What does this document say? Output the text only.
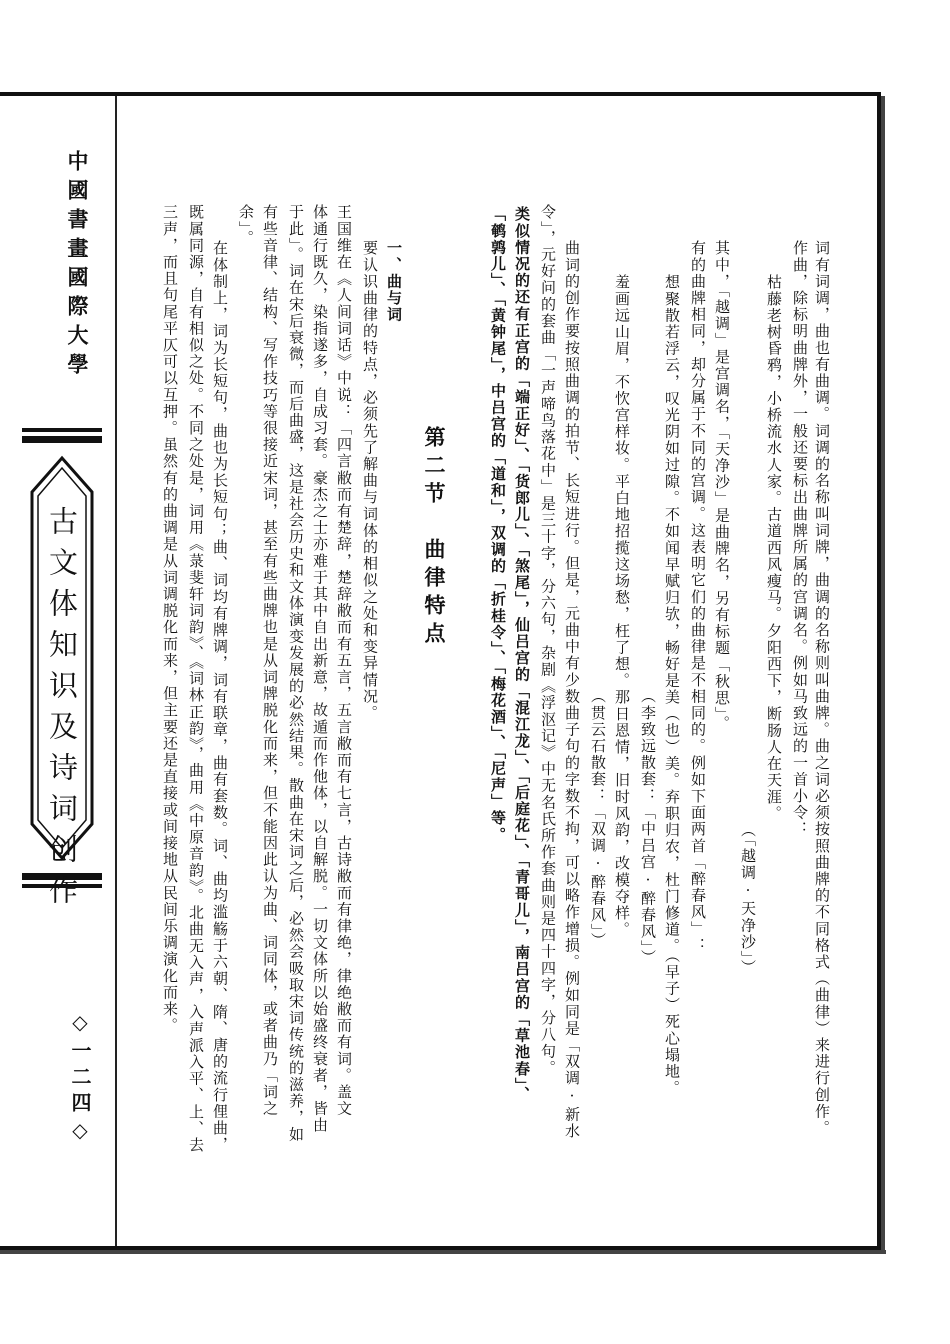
中國書畫國際大學
古文体知识及诗词创作
◇一二四◇	词有词调，曲也有曲调。词调的名称叫词牌，曲调的名称则叫曲牌。曲之词必须按照曲牌的不同格式（曲律）来进行创作。
作曲，除标明曲牌外，一般还要标出曲牌所属的宫调名。例如马致远的一首小令：
枯藤老树昏鸦，小桥流水人家。古道西风瘦马。夕阳西下，断肠人在天涯。
（「越调·天净沙」）
其中，「越调」是宫调名，「天净沙」是曲牌名，另有标题「秋思」。
有的曲牌相同，却分属于不同的宫调。这表明它们的曲律是不相同的。例如下面两首「醉春风」：
想聚散若浮云，叹光阴如过隙。不如闻早赋归欤，畅好是美（也）美。弃职归农，杜门修道。（早子）死心塌地。
（李致远散套：「中吕宫·醉春风」）
羞画远山眉，不忺宫样妆。平白地招揽这场愁，枉了想。那日恩情，旧时风韵，改模夺样。
（贯云石散套：「双调·醉春风」）
曲词的创作要按照曲调的拍节、长短进行。但是，元曲中有少数曲子句的字数不拘，可以略作增损。例如同是「双调·新水
令」，元好问的套曲「一声啼鸟落花中」是三十字，分六句，杂剧《浮沤记》中无名氏所作套曲则是四十四字，分八句。
类似情况的还有正宫的「端正好」、「货郎儿」、「煞尾」，仙吕宫的「混江龙」、「后庭花」、「青哥儿」，南吕宫的「草池春」、
「鹌鹑儿」、「黄钟尾」，中吕宫的「道和」，双调的「折桂令」、「梅花酒」、「尼声」等。
第二节　曲律特点
一、曲与词
要认识曲律的特点，必须先了解曲与词体的相似之处和变异情况。
王国维在《人间词话》中说：「四言敝而有楚辞，楚辞敝而有五言，五言敝而有七言，古诗敝而有律绝，律绝敝而有词。盖文
体通行既久，染指遂多，自成习套。豪杰之士亦难于其中自出新意，故遁而作他体，以自解脱。一切文体所以始盛终衰者，皆由
于此」。词在宋后衰微，而后曲盛，这是社会历史和文体演变发展的必然结果。散曲在宋词之后，必然会吸取宋词传统的滋养，如
有些音律、结构、写作技巧等很接近宋词，甚至有些曲牌也是从词牌脱化而来，但不能因此认为曲、词同体，或者曲乃「词之
余」。
在体制上，词为长短句，曲也为长短句；曲、词均有牌调，词有联章，曲有套数。词、曲均滥觞于六朝、隋、唐的流行俚曲，
既属同源，自有相似之处。不同之处是，词用《菉斐轩词韵》、《词林正韵》，曲用《中原音韵》。北曲无入声，入声派入平、上、去
三声，而且句尾平仄可以互押。虽然有的曲调是从词调脱化而来，但主要还是直接或间接地从民间乐调演化而来。
